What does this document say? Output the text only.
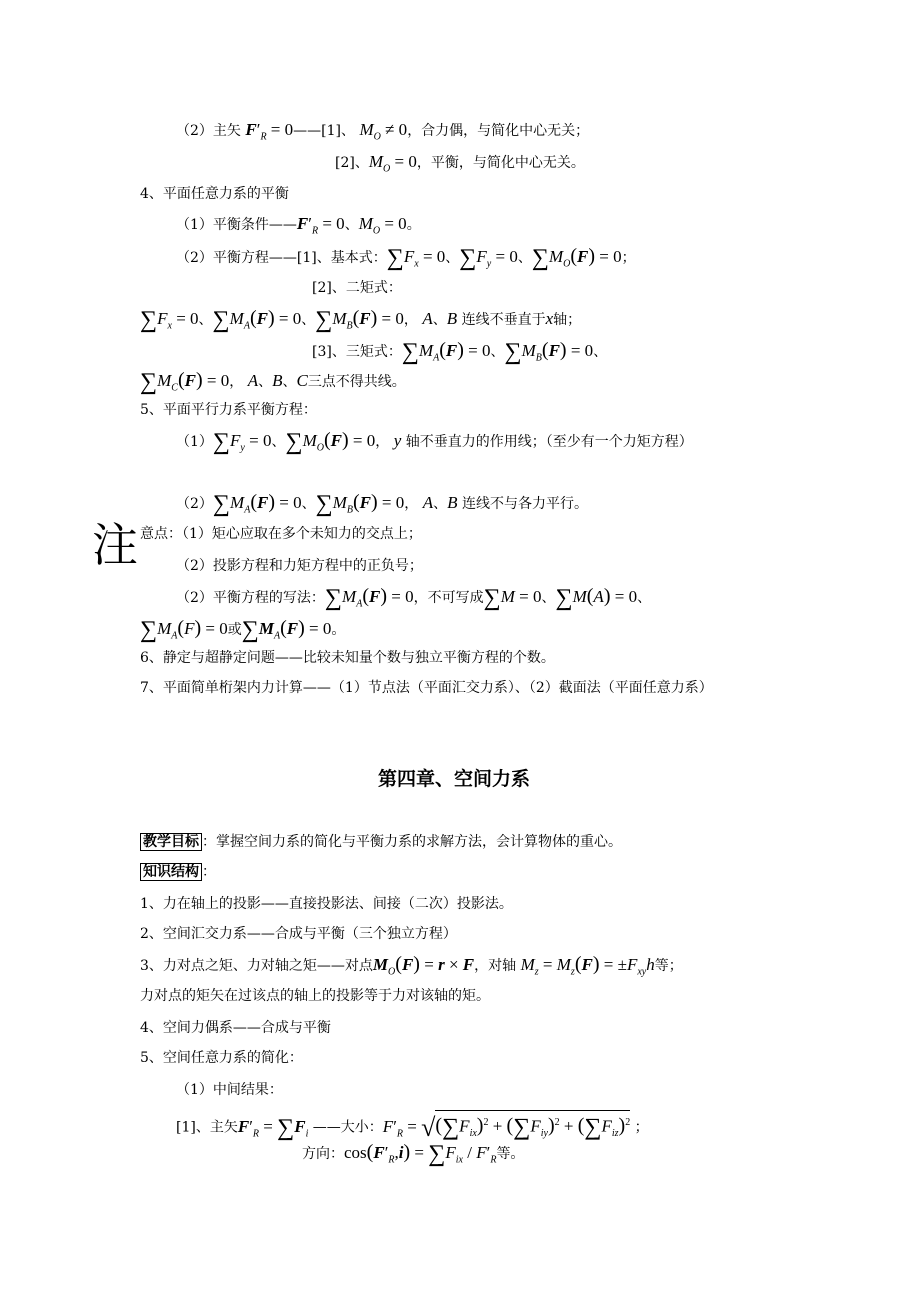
（2）主矢 $F'_R$ = 0——[1]、 $M_O \ne 0$，合力偶，与简化中心无关；
[2]、$M_O = 0$，平衡，与简化中心无关。
4、平面任意力系的平衡
（1）平衡条件$——F'_R = 0$、$M_O = 0$。
（2）平衡方程——[1]、基本式：$\sum F_x = 0$、$\sum F_y = 0$、$\sum M_O(F) = 0$；
[2]、二矩式：
$\sum F_x = 0$、$\sum M_A(F) = 0$、$\sum M_B(F) = 0$， A、B 连线不垂直于x轴；
[3]、三矩式：$\sum M_A(F) = 0$、$\sum M_B(F) = 0$、
$\sum M_C(F) = 0$， A、B、C三点不得共线。
5、平面平行力系平衡方程：
$(1)\sum F_y = 0$、$\sum M_O(F) = 0$， y 轴不垂直力的作用线；（至少有一个力矩方程）
$(2)\sum M_A(F) = 0$、$\sum M_B(F) = 0$， A、B 连线不与各力平行。
注 意点：（1）矩心应取在多个未知力的交点上；
（2）投影方程和力矩方程中的正负号；
（2）平衡方程的写法：$\sum M_A(F) = 0$，不可写成∑M = 0、∑M(A) = 0、
$\sum M_A(F) = 0$或$\sum M_A(F) = 0$。
6、静定与超静定问题——比较未知量个数与独立平衡方程的个数。
7、平面简单桁架内力计算——（1）节点法（平面汇交力系）、（2）截面法（平面任意力系）
第四章、空间力系
教学目标 ：掌握空间力系的简化与平衡力系的求解方法，会计算物体的重心。
知识结构 ：
1、力在轴上的投影——直接投影法、间接（二次）投影法。
2、空间汇交力系——合成与平衡（三个独立方程）
3、力对点之矩、力对轴之矩——对点$M_O(F) = r \times F$，对轴 $M_z = M_z(F) = \pm F_{xy}h$等；
力对点的矩矢在过该点的轴上的投影等于力对该轴的矩。
4、空间力偶系——合成与平衡
5、空间任意力系的简化：
（1）中间结果：
[1]、主矢$F'_R = \sum F_i$ ——大小：$F'_R = √(\sum F_{ix})^2 + (\sum F_{iy})^2 + (\sum F_{iz})^2$ ；
方向：$\cos(F'_R,i) = \sum F_{ix} / F'_R$等。
